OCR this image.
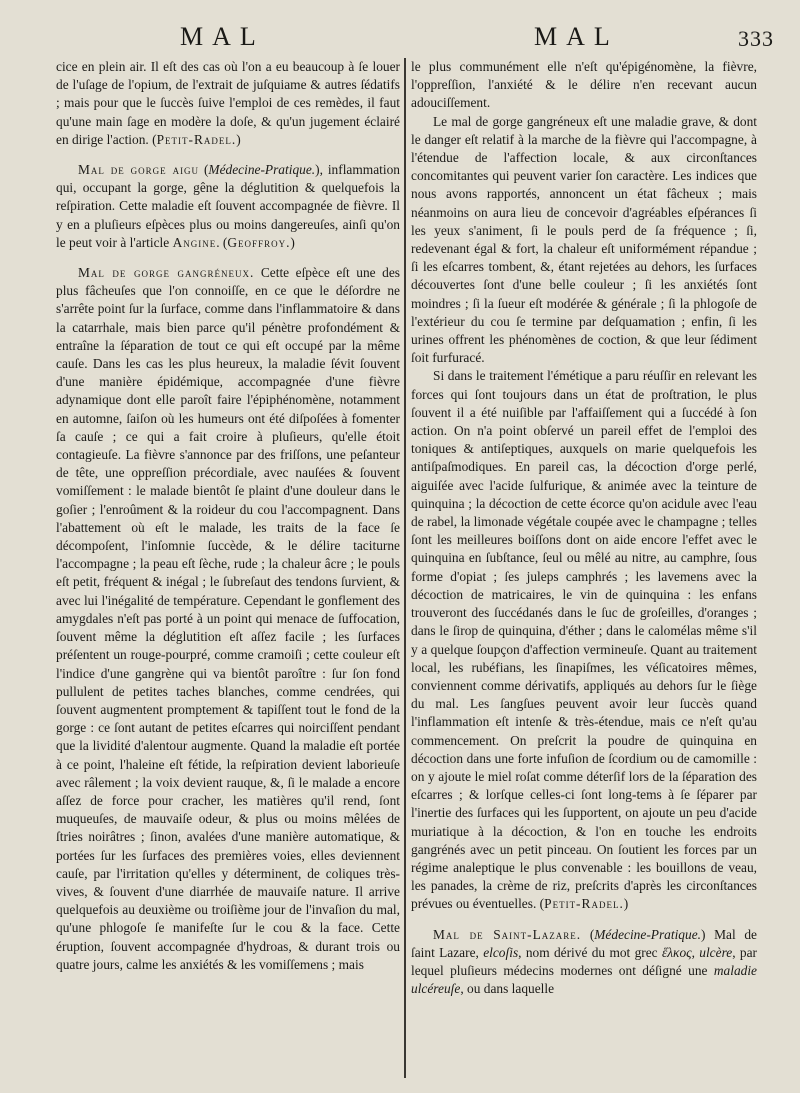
MAL	MAL	333

cice en plein air. Il eſt des cas où l'on a eu beaucoup à ſe louer de l'uſage de l'opium, de l'extrait de juſquiame & autres ſédatifs ; mais pour que le ſuccès ſuive l'emploi de ces remèdes, il faut qu'une main ſage en modère la doſe, & qu'un jugement éclairé en dirige l'action. (Petit-Radel.)

Mal de gorge aigu (Médecine-Pratique.), inflammation qui, occupant la gorge, gêne la déglutition & quelquefois la reſpiration. Cette maladie eſt ſouvent accompagnée de fièvre. Il y en a pluſieurs eſpèces plus ou moins dangereuſes, ainſi qu'on le peut voir à l'article Angine. (Geoffroy.)

Mal de gorge gangréneux. Cette eſpèce eſt une des plus fâcheuſes que l'on connoiſſe, en ce que le déſordre ne s'arrête point ſur la ſurface, comme dans l'inflammatoire & dans la catarrhale, mais bien parce qu'il pénètre profondément & entraîne la ſéparation de tout ce qui eſt occupé par la même cauſe. Dans les cas les plus heureux, la maladie ſévit ſouvent d'une manière épidémique, accompagnée d'une fièvre adynamique dont elle paroît faire l'épiphénomène, notamment en automne, ſaiſon où les humeurs ont été diſpoſées à fomenter ſa cauſe ; ce qui a fait croire à pluſieurs, qu'elle étoit contagieuſe. La fièvre s'annonce par des friſſons, une peſanteur de tête, une oppreſſion précordiale, avec nauſées & ſouvent vomiſſement : le malade bientôt ſe plaint d'une douleur dans le goſier ; l'enroûment & la roideur du cou l'accompagnent. Dans l'abattement où eſt le malade, les traits de la face ſe décompoſent, l'inſomnie ſuccède, & le délire taciturne l'accompagne ; la peau eſt ſèche, rude ; la chaleur âcre ; le pouls eſt petit, fréquent & inégal ; le ſubreſaut des tendons ſurvient, & avec lui l'inégalité de température. Cependant le gonflement des amygdales n'eſt pas porté à un point qui menace de ſuffocation, ſouvent même la déglutition eſt aſſez facile ; les ſurfaces préſentent un rouge-pourpré, comme cramoiſi ; cette couleur eſt l'indice d'une gangrène qui va bientôt paroître : ſur ſon fond pullulent de petites taches blanches, comme cendrées, qui ſouvent augmentent promptement & tapiſſent tout le fond de la gorge : ce ſont autant de petites eſcarres qui noirciſſent pendant que la lividité d'alentour augmente. Quand la maladie eſt portée à ce point, l'haleine eſt fétide, la reſpiration devient laborieuſe avec râlement ; la voix devient rauque, &, ſi le malade a encore aſſez de force pour cracher, les matières qu'il rend, ſont muqueuſes, de mauvaiſe odeur, & plus ou moins mêlées de ſtries noirâtres ; ſinon, avalées d'une manière automatique, & portées ſur les ſurfaces des premières voies, elles deviennent cauſe, par l'irritation qu'elles y déterminent, de coliques très-vives, & ſouvent d'une diarrhée de mauvaiſe nature. Il arrive quelquefois au deuxième ou troiſième jour de l'invaſion du mal, qu'une phlogoſe ſe manifeſte ſur le cou & la face. Cette éruption, ſouvent accompagnée d'hydroas, & durant trois ou quatre jours, calme les anxiétés & les vomiſſemens ; mais

le plus communément elle n'eſt qu'épigénomène, la fièvre, l'oppreſſion, l'anxiété & le délire n'en recevant aucun adouciſſement.

Le mal de gorge gangréneux eſt une maladie grave, & dont le danger eſt relatif à la marche de la fièvre qui l'accompagne, à l'étendue de l'affection locale, & aux circonſtances concomitantes qui peuvent varier ſon caractère. Les indices que nous avons rapportés, annoncent un état fâcheux ; mais néanmoins on aura lieu de concevoir d'agréables eſpérances ſi les yeux s'animent, ſi le pouls perd de ſa fréquence ; ſi, redevenant égal & fort, la chaleur eſt uniformément répandue ; ſi les eſcarres tombent, &, étant rejetées au dehors, les ſurfaces découvertes ſont d'une belle couleur ; ſi les anxiétés ſont moindres ; ſi la ſueur eſt modérée & générale ; ſi la phlogoſe de l'extérieur du cou ſe termine par deſquamation ; enfin, ſi les urines offrent les phénomènes de coction, & que leur ſédiment ſoit furfuracé.

Si dans le traitement l'émétique a paru réuſſir en relevant les forces qui ſont toujours dans un état de proſtration, le plus ſouvent il a été nuiſible par l'affaiſſement qui a ſuccédé à ſon action. On n'a point obſervé un pareil effet de l'emploi des toniques & antiſeptiques, auxquels on marie quelquefois les antiſpaſmodiques. En pareil cas, la décoction d'orge perlé, aiguiſée avec l'acide ſulfurique, & animée avec la teinture de quinquina ; la décoction de cette écorce qu'on acidule avec l'eau de rabel, la limonade végétale coupée avec le champagne ; telles ſont les meilleures boiſſons dont on aide encore l'effet avec le quinquina en ſubſtance, ſeul ou mêlé au nitre, au camphre, ſous forme d'opiat ; ſes juleps camphrés ; les lavemens avec la décoction de matricaires, le vin de quinquina : les enfans trouveront des ſuccédanés dans le ſuc de groſeilles, d'oranges ; dans le ſirop de quinquina, d'éther ; dans le calomélas même s'il y a quelque ſoupçon d'affection vermineuſe. Quant au traitement local, les rubéfians, les ſinapiſmes, les véſicatoires mêmes, conviennent comme dérivatifs, appliqués au dehors ſur le ſiège du mal. Les ſangſues peuvent avoir leur ſuccès quand l'inflammation eſt intenſe & très-étendue, mais ce n'eſt qu'au commencement. On preſcrit la poudre de quinquina en décoction dans une forte infuſion de ſcordium ou de camomille : on y ajoute le miel roſat comme déterſif lors de la ſéparation des eſcarres ; & lorſque celles-ci ſont long-tems à ſe ſéparer par l'inertie des ſurfaces qui les ſupportent, on ajoute un peu d'acide muriatique à la décoction, & l'on en touche les endroits gangrénés avec un petit pinceau. On ſoutient les forces par un régime analeptique le plus convenable : les bouillons de veau, les panades, la crème de riz, preſcrits d'après les circonſtances prévues ou éventuelles. (Petit-Radel.)

Mal de Saint-Lazare. (Médecine-Pratique.) Mal de ſaint Lazare, elcoſis, nom dérivé du mot grec ἕλκος, ulcère, par lequel pluſieurs médecins modernes ont déſigné une maladie ulcéreuſe, ou dans laquelle
